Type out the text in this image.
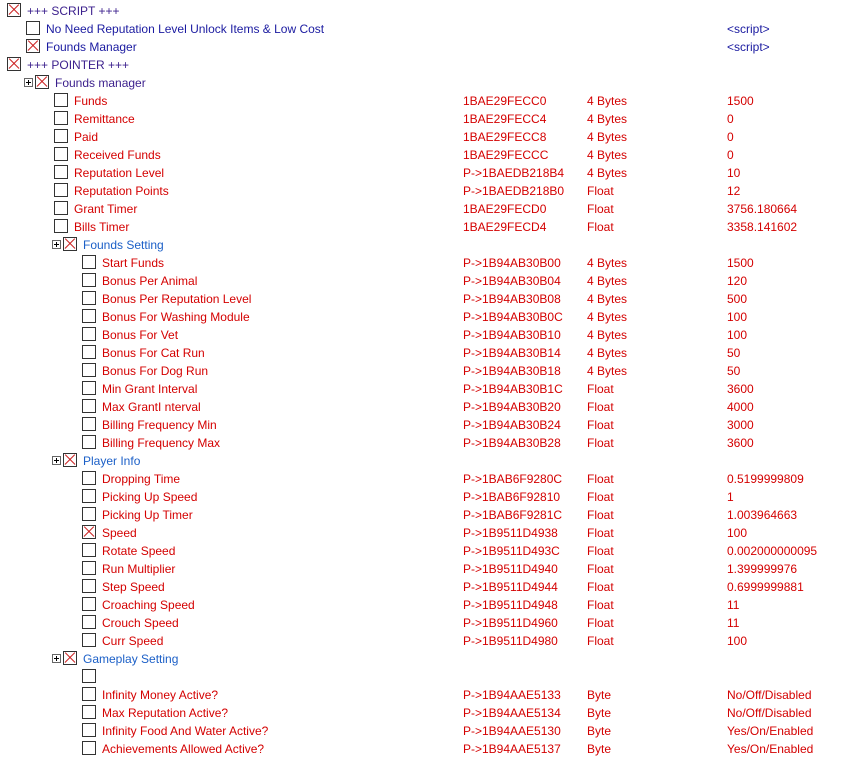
+++ SCRIPT +++
No Need Reputation Level Unlock Items & Low Cost	<script>
Founds Manager	<script>
+++ POINTER +++
Founds manager
Funds	1BAE29FECC0	4 Bytes	1500
Remittance	1BAE29FECC4	4 Bytes	0
Paid	1BAE29FECC8	4 Bytes	0
Received Funds	1BAE29FECCC	4 Bytes	0
Reputation Level	P->1BAEDB218B4 4 Bytes	10
Reputation Points	P->1BAEDB218B0 Float	12
Grant Timer	1BAE29FECD0	Float	3756.180664
Bills Timer	1BAE29FECD4	Float	3358.141602
Founds Setting
Start Funds	P->1B94AB30B00 4 Bytes	1500
Bonus Per Animal	P->1B94AB30B04 4 Bytes	120
Bonus Per Reputation Level	P->1B94AB30B08 4 Bytes	500
Bonus For Washing Module	P->1B94AB30B0C 4 Bytes	100
Bonus For Vet	P->1B94AB30B10 4 Bytes	100
Bonus For Cat Run	P->1B94AB30B14 4 Bytes	50
Bonus For Dog Run	P->1B94AB30B18 4 Bytes	50
Min Grant Interval	P->1B94AB30B1C Float	3600
Max GrantI nterval	P->1B94AB30B20 Float	4000
Billing Frequency Min	P->1B94AB30B24 Float	3000
Billing Frequency Max	P->1B94AB30B28 Float	3600
Player Info
Dropping Time	P->1BAB6F9280C Float	0.5199999809
Picking Up Speed	P->1BAB6F92810 Float	1
Picking Up Timer	P->1BAB6F9281C Float	1.003964663
Speed	P->1B9511D4938 Float	100
Rotate Speed	P->1B9511D493C Float	0.002000000095
Run Multiplier	P->1B9511D4940 Float	1.399999976
Step Speed	P->1B9511D4944 Float	0.6999999881
Croaching Speed	P->1B9511D4948 Float	11
Crouch Speed	P->1B9511D4960 Float	11
Curr Speed	P->1B9511D4980 Float	100
Gameplay Setting
Infinity Money Active?	P->1B94AAE5133 Byte	No/Off/Disabled
Max Reputation Active?	P->1B94AAE5134 Byte	No/Off/Disabled
Infinity Food And Water Active?	P->1B94AAE5130 Byte	Yes/On/Enabled
Achievements Allowed Active?	P->1B94AAE5137 Byte	Yes/On/Enabled
